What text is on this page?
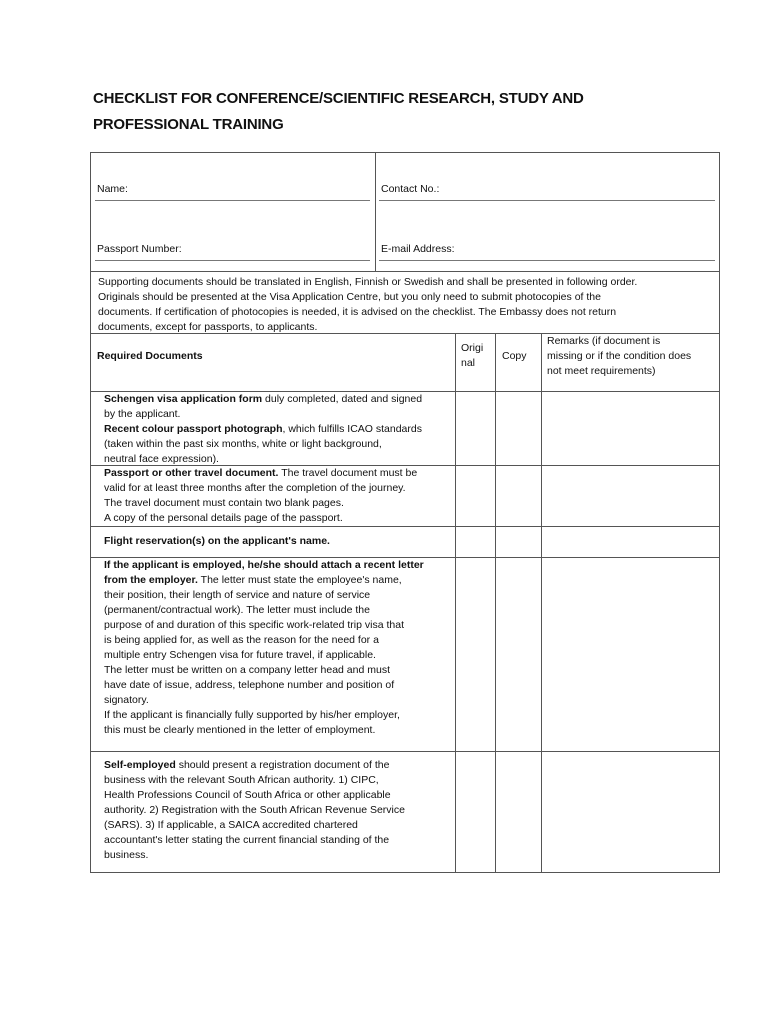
CHECKLIST FOR CONFERENCE/SCIENTIFIC RESEARCH, STUDY AND
PROFESSIONAL TRAINING
Name:	Contact No.:
Passport Number:	E-mail Address:
Supporting documents should be translated in English, Finnish or Swedish and shall be presented in following order.
Originals should be presented at the Visa Application Centre, but you only need to submit photocopies of the
documents. If certification of photocopies is needed, it is advised on the checklist. The Embassy does not return
documents, except for passports, to applicants.
Required Documents
Origi
nal
Copy
Remarks (if document is
missing or if the condition does
not meet requirements)
Schengen visa application form duly completed, dated and signed
by the applicant.
Recent colour passport photograph, which fulfills ICAO standards
(taken within the past six months, white or light background,
neutral face expression).
Passport or other travel document. The travel document must be
valid for at least three months after the completion of the journey.
The travel document must contain two blank pages.
A copy of the personal details page of the passport.
Flight reservation(s) on the applicant's name.
If the applicant is employed, he/she should attach a recent letter
from the employer. The letter must state the employee's name,
their position, their length of service and nature of service
(permanent/contractual work). The letter must include the
purpose of and duration of this specific work-related trip visa that
is being applied for, as well as the reason for the need for a
multiple entry Schengen visa for future travel, if applicable.
The letter must be written on a company letter head and must
have date of issue, address, telephone number and position of
signatory.
If the applicant is financially fully supported by his/her employer,
this must be clearly mentioned in the letter of employment.
Self-employed should present a registration document of the
business with the relevant South African authority. 1) CIPC,
Health Professions Council of South Africa or other applicable
authority. 2) Registration with the South African Revenue Service
(SARS). 3) If applicable, a SAICA accredited chartered
accountant's letter stating the current financial standing of the
business.
